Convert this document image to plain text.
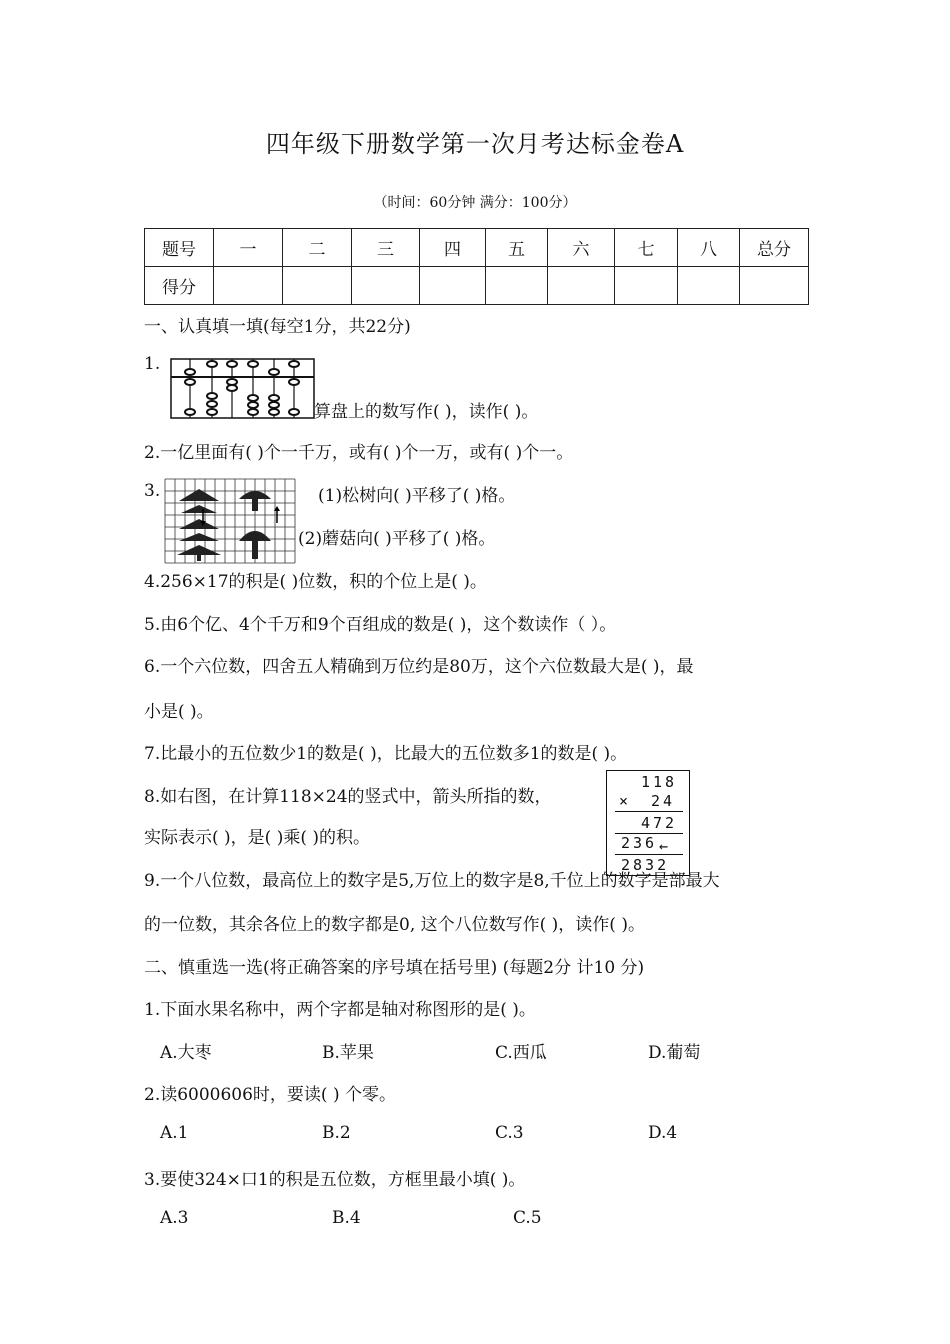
四年级下册数学第一次月考达标金卷A
（时间：60分钟 满分：100分）
题号	一	二	三	四	五	六	七	八	总分
得分									
一、认真填一填(每空1分，共22分)
1.
算盘上的数写作( )，读作( )。
2.一亿里面有( )个一千万，或有( )个一万，或有( )个一。
3.	(1)松树向( )平移了( )格。
(2)蘑菇向( )平移了( )格。
4.256×17的积是( )位数，积的个位上是( )。
5.由6个亿、4个千万和9个百组成的数是( )，这个数读作（ ）。
6.一个六位数，四舍五人精确到万位约是80万，这个六位数最大是( )，最
小是( )。
7.比最小的五位数少1的数是( )，比最大的五位数多1的数是( )。
8.如右图，在计算118×24的竖式中，箭头所指的数，
实际表示( )，是( )乘( )的积。
118
× 24
472
236 ←
2832
9.一个八位数，最高位上的数字是5,万位上的数字是8,千位上的数字是部最大
的一位数，其余各位上的数字都是0, 这个八位数写作( )，读作( )。
二、慎重选一选(将正确答案的序号填在括号里) (每题2分 计10 分)
1.下面水果名称中，两个字都是轴对称图形的是( )。
A.大枣	B.苹果	C.西瓜	D.葡萄
2.读6000606时，要读( ) 个零。
A.1	B.2	C.3	D.4
3.要使324×口1的积是五位数，方框里最小填( )。
A.3	B.4	C.5
